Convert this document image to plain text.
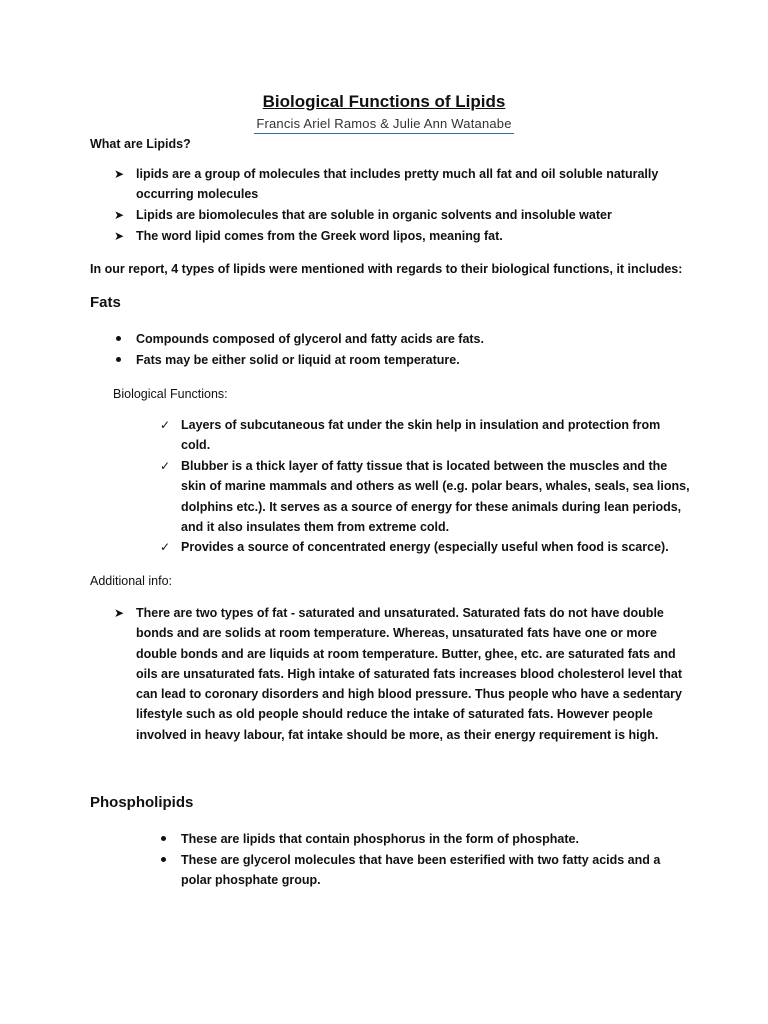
Biological Functions of Lipids
Francis Ariel Ramos & Julie Ann Watanabe
What are Lipids?
➤ lipids are a group of molecules that includes pretty much all fat and oil soluble naturally
occurring molecules
➤ Lipids are biomolecules that are soluble in organic solvents and insoluble water
➤ The word lipid comes from the Greek word lipos, meaning fat.
In our report, 4 types of lipids were mentioned with regards to their biological functions, it includes:
Fats
Compounds composed of glycerol and fatty acids are fats.
Fats may be either solid or liquid at room temperature.
Biological Functions:
✓ Layers of subcutaneous fat under the skin help in insulation and protection from
cold.
✓ Blubber is a thick layer of fatty tissue that is located between the muscles and the
skin of marine mammals and others as well (e.g. polar bears, whales, seals, sea lions,
dolphins etc.). It serves as a source of energy for these animals during lean periods,
and it also insulates them from extreme cold.
✓ Provides a source of concentrated energy (especially useful when food is scarce).
Additional info:
➤ There are two types of fat - saturated and unsaturated. Saturated fats do not have double
bonds and are solids at room temperature. Whereas, unsaturated fats have one or more
double bonds and are liquids at room temperature. Butter, ghee, etc. are saturated fats and
oils are unsaturated fats. High intake of saturated fats increases blood cholesterol level that
can lead to coronary disorders and high blood pressure. Thus people who have a sedentary
lifestyle such as old people should reduce the intake of saturated fats. However people
involved in heavy labour, fat intake should be more, as their energy requirement is high.
Phospholipids
These are lipids that contain phosphorus in the form of phosphate.
These are glycerol molecules that have been esterified with two fatty acids and a
polar phosphate group.
